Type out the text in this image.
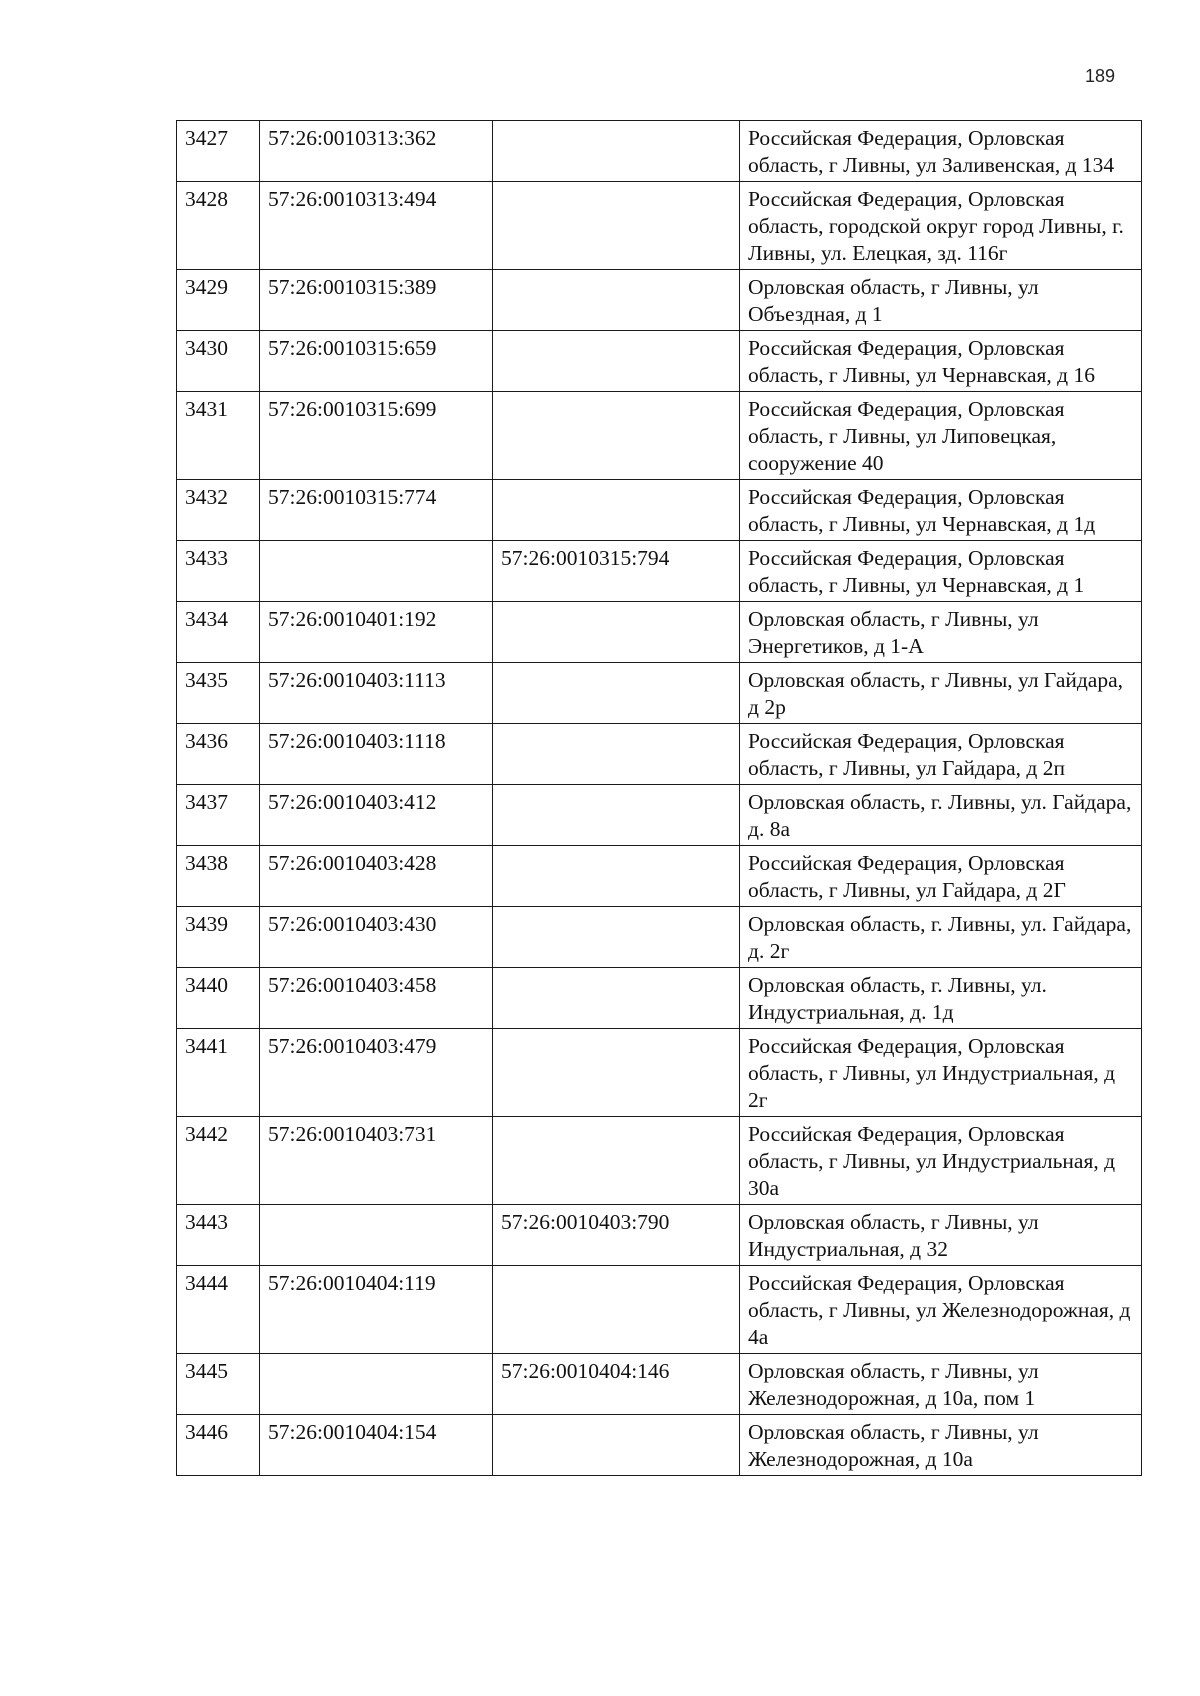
189
3427	57:26:0010313:362		Российская Федерация, Орловская область, г Ливны, ул Заливенская, д 134
3428	57:26:0010313:494		Российская Федерация, Орловская область, городской округ город Ливны, г. Ливны, ул. Елецкая, зд. 116г
3429	57:26:0010315:389		Орловская область, г Ливны, ул Объездная, д 1
3430	57:26:0010315:659		Российская Федерация, Орловская область, г Ливны, ул Чернавская, д 16
3431	57:26:0010315:699		Российская Федерация, Орловская область, г Ливны, ул Липовецкая, сооружение 40
3432	57:26:0010315:774		Российская Федерация, Орловская область, г Ливны, ул Чернавская, д 1д
3433		57:26:0010315:794	Российская Федерация, Орловская область, г Ливны, ул Чернавская, д 1
3434	57:26:0010401:192		Орловская область, г Ливны, ул Энергетиков, д 1-А
3435	57:26:0010403:1113		Орловская область, г Ливны, ул Гайдара, д 2р
3436	57:26:0010403:1118		Российская Федерация, Орловская область, г Ливны, ул Гайдара, д 2п
3437	57:26:0010403:412		Орловская область, г. Ливны, ул. Гайдара, д. 8а
3438	57:26:0010403:428		Российская Федерация, Орловская область, г Ливны, ул Гайдара, д 2Г
3439	57:26:0010403:430		Орловская область, г. Ливны, ул. Гайдара, д. 2г
3440	57:26:0010403:458		Орловская область, г. Ливны, ул. Индустриальная, д. 1д
3441	57:26:0010403:479		Российская Федерация, Орловская область, г Ливны, ул Индустриальная, д 2г
3442	57:26:0010403:731		Российская Федерация, Орловская область, г Ливны, ул Индустриальная, д 30а
3443		57:26:0010403:790	Орловская область, г Ливны, ул Индустриальная, д 32
3444	57:26:0010404:119		Российская Федерация, Орловская область, г Ливны, ул Железнодорожная, д 4а
3445		57:26:0010404:146	Орловская область, г Ливны, ул Железнодорожная, д 10а, пом 1
3446	57:26:0010404:154		Орловская область, г Ливны, ул Железнодорожная, д 10а
